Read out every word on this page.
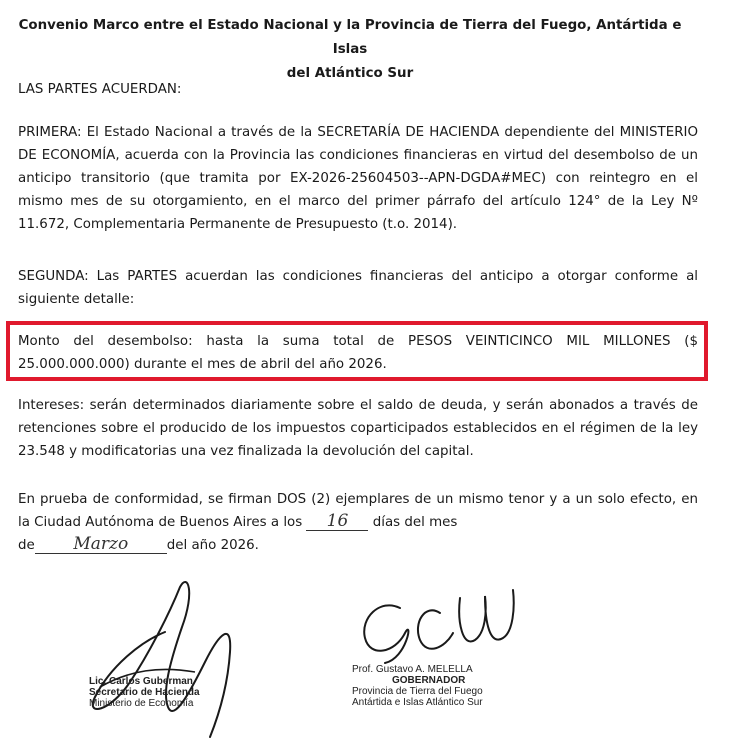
Convenio Marco entre el Estado Nacional y la Provincia de Tierra del Fuego, Antártida e Islas
del Atlántico Sur

LAS PARTES ACUERDAN:

PRIMERA: El Estado Nacional a través de la SECRETARÍA DE HACIENDA dependiente del MINISTERIO DE ECONOMÍA, acuerda con la Provincia las condiciones financieras en virtud del desembolso de un anticipo transitorio (que tramita por EX-2026-25604503--APN-DGDA#MEC) con reintegro en el mismo mes de su otorgamiento, en el marco del primer párrafo del artículo 124° de la Ley Nº 11.672, Complementaria Permanente de Presupuesto (t.o. 2014).

SEGUNDA: Las PARTES acuerdan las condiciones financieras del anticipo a otorgar conforme al siguiente detalle:

Monto del desembolso: hasta la suma total de PESOS VEINTICINCO MIL MILLONES ($ 25.000.000.000) durante el mes de abril del año 2026.

Intereses: serán determinados diariamente sobre el saldo de deuda, y serán abonados a través de retenciones sobre el producido de los impuestos coparticipados establecidos en el régimen de la ley 23.548 y modificatorias una vez finalizada la devolución del capital.

En prueba de conformidad, se firman DOS (2) ejemplares de un mismo tenor y a un solo efecto, en la Ciudad Autónoma de Buenos Aires a los 16 días del mes
de Marzo	del año 2026.

Lic. Carlos Guberman
Secretario de Hacienda
Ministerio de Economía
Prof. Gustavo A. MELELLA
GOBERNADOR
Provincia de Tierra del Fuego
Antártida e Islas Atlántico Sur
